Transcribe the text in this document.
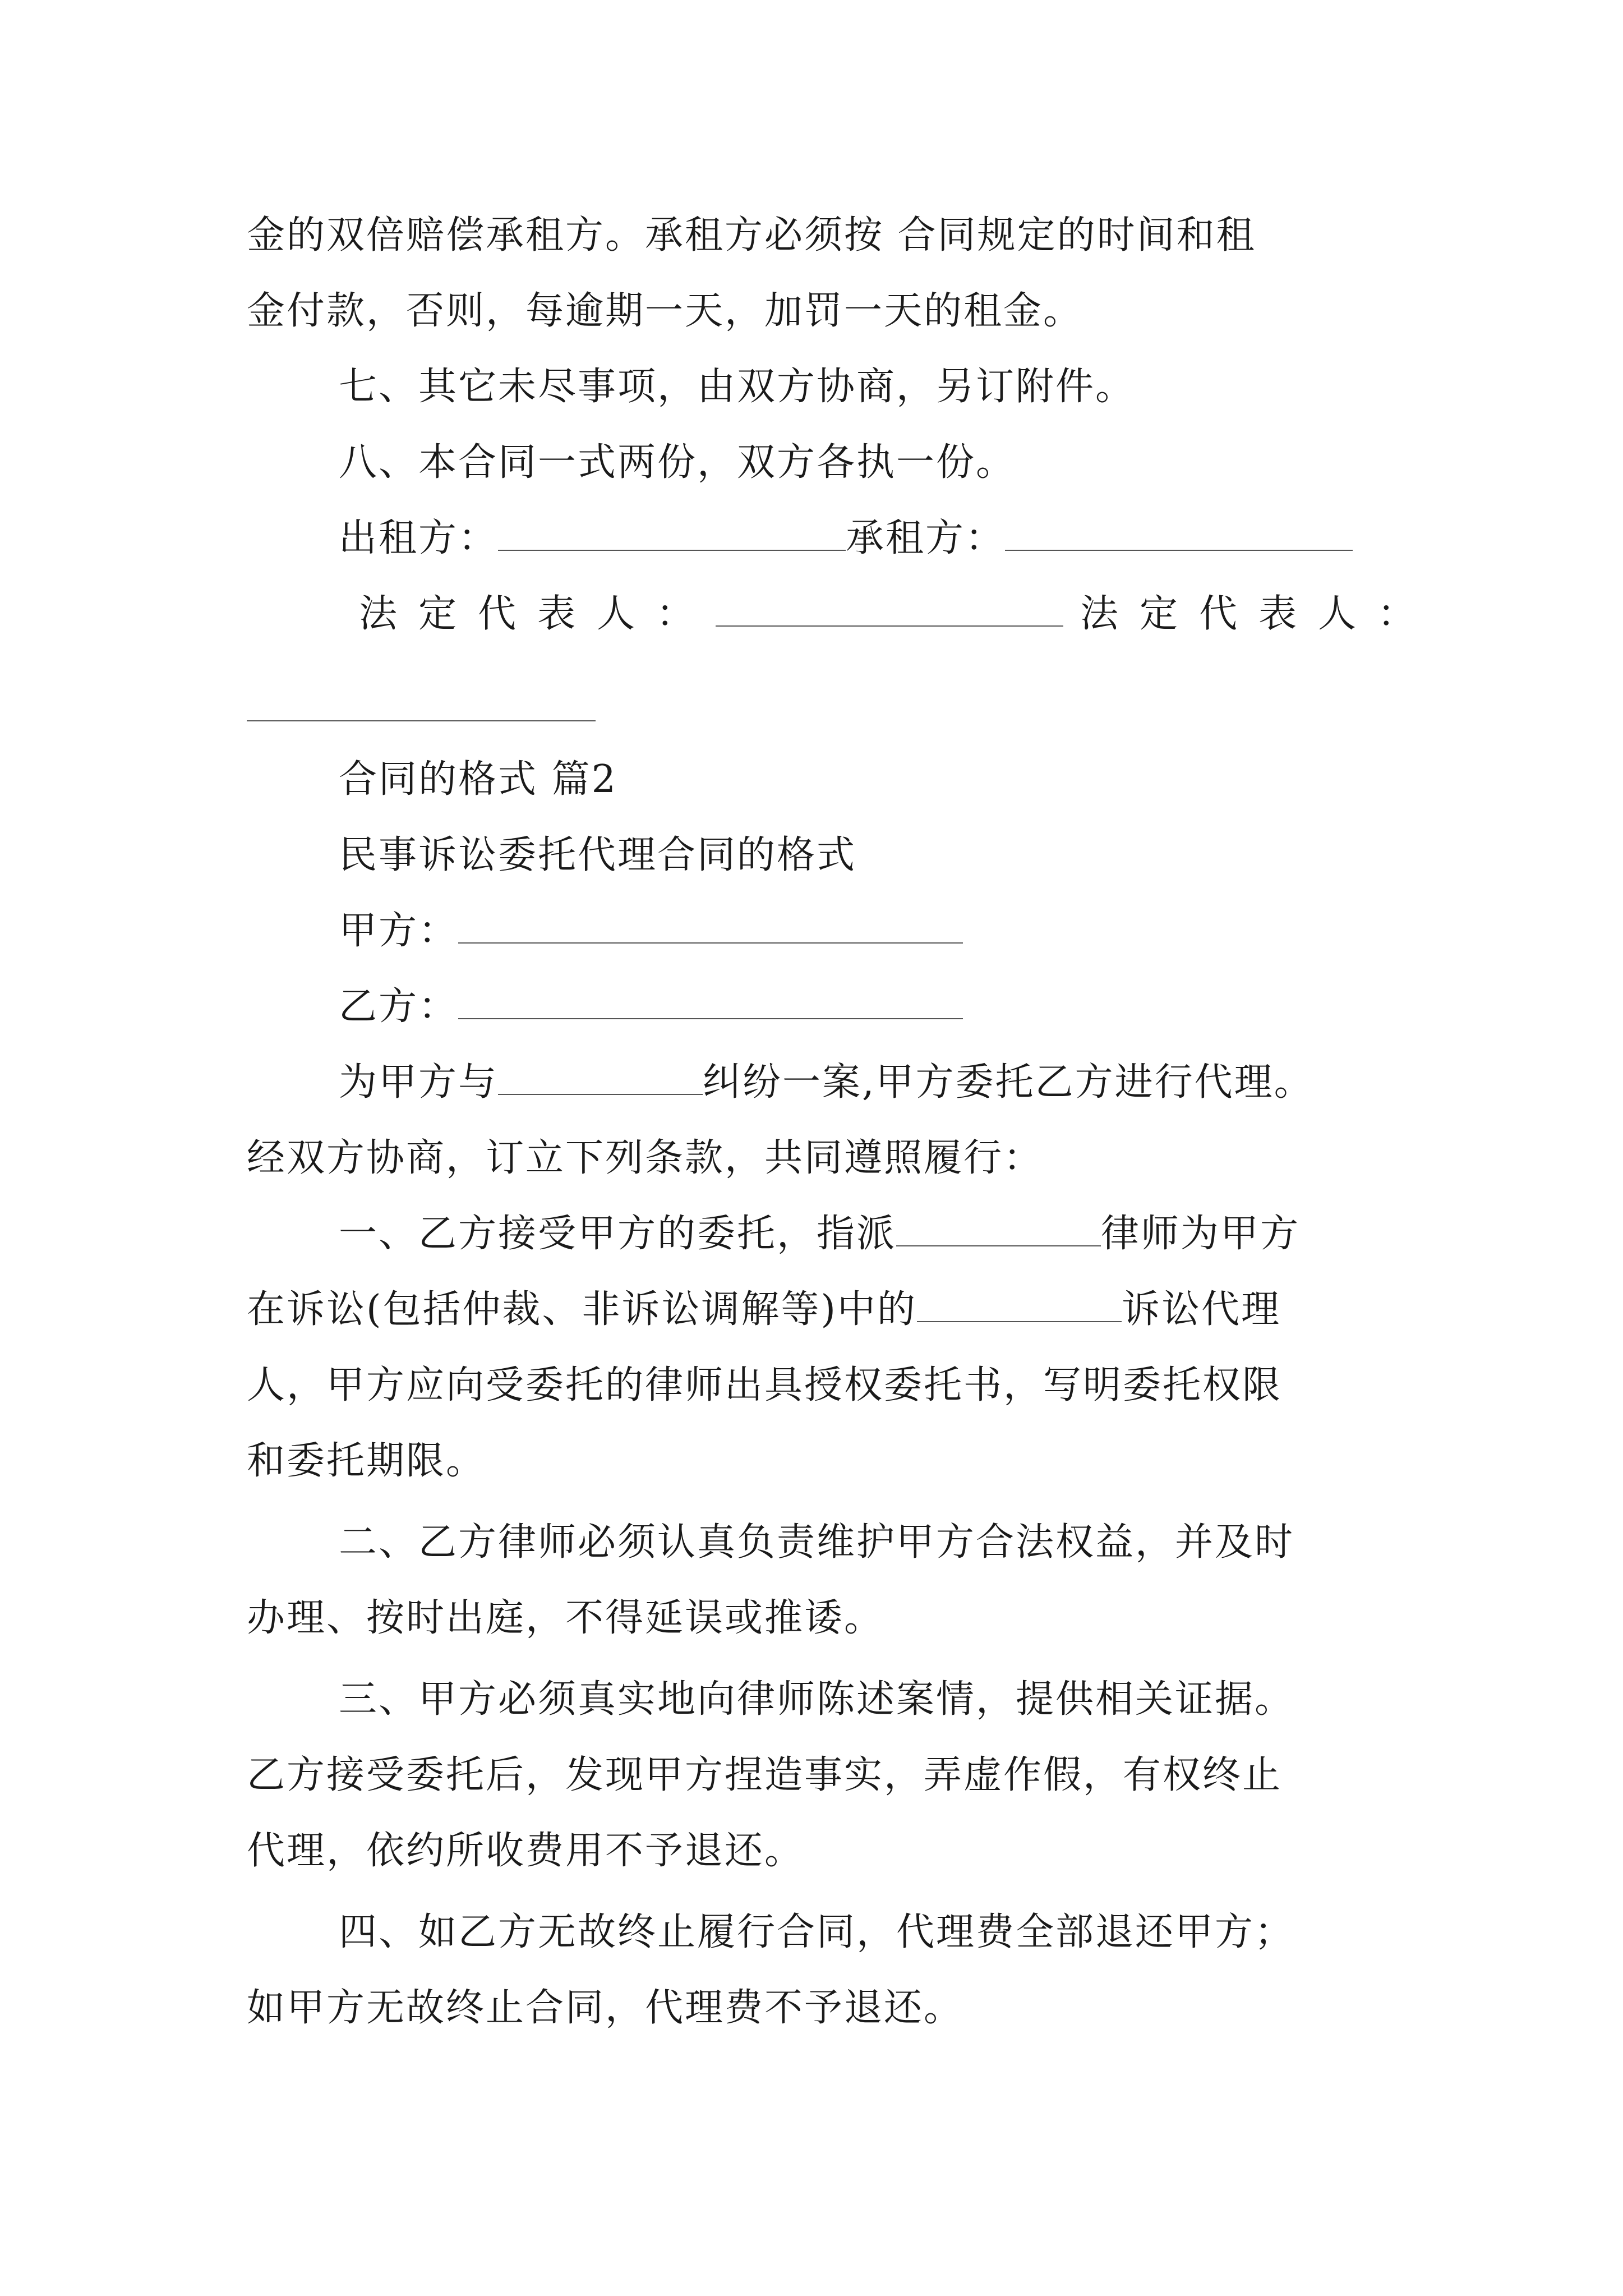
金的双倍赔偿承租方。承租方必须按 合同规定的时间和租
金付款，否则，每逾期一天，加罚一天的租金。
七、其它未尽事项，由双方协商，另订附件。
八、本合同一式两份，双方各执一份。
出租方：	承租方：
法定代表人：	法定代表人：
合同的格式 篇2
民事诉讼委托代理合同的格式
甲方：
乙方：
为甲方与	纠纷一案,甲方委托乙方进行代理。
经双方协商，订立下列条款，共同遵照履行：
一、乙方接受甲方的委托，指派	律师为甲方
在诉讼(包括仲裁、非诉讼调解等)中的	诉讼代理
人，甲方应向受委托的律师出具授权委托书，写明委托权限
和委托期限。
二、乙方律师必须认真负责维护甲方合法权益，并及时
办理、按时出庭，不得延误或推诿。
三、甲方必须真实地向律师陈述案情，提供相关证据。
乙方接受委托后，发现甲方捏造事实，弄虚作假，有权终止
代理，依约所收费用不予退还。
四、如乙方无故终止履行合同，代理费全部退还甲方；
如甲方无故终止合同，代理费不予退还。
